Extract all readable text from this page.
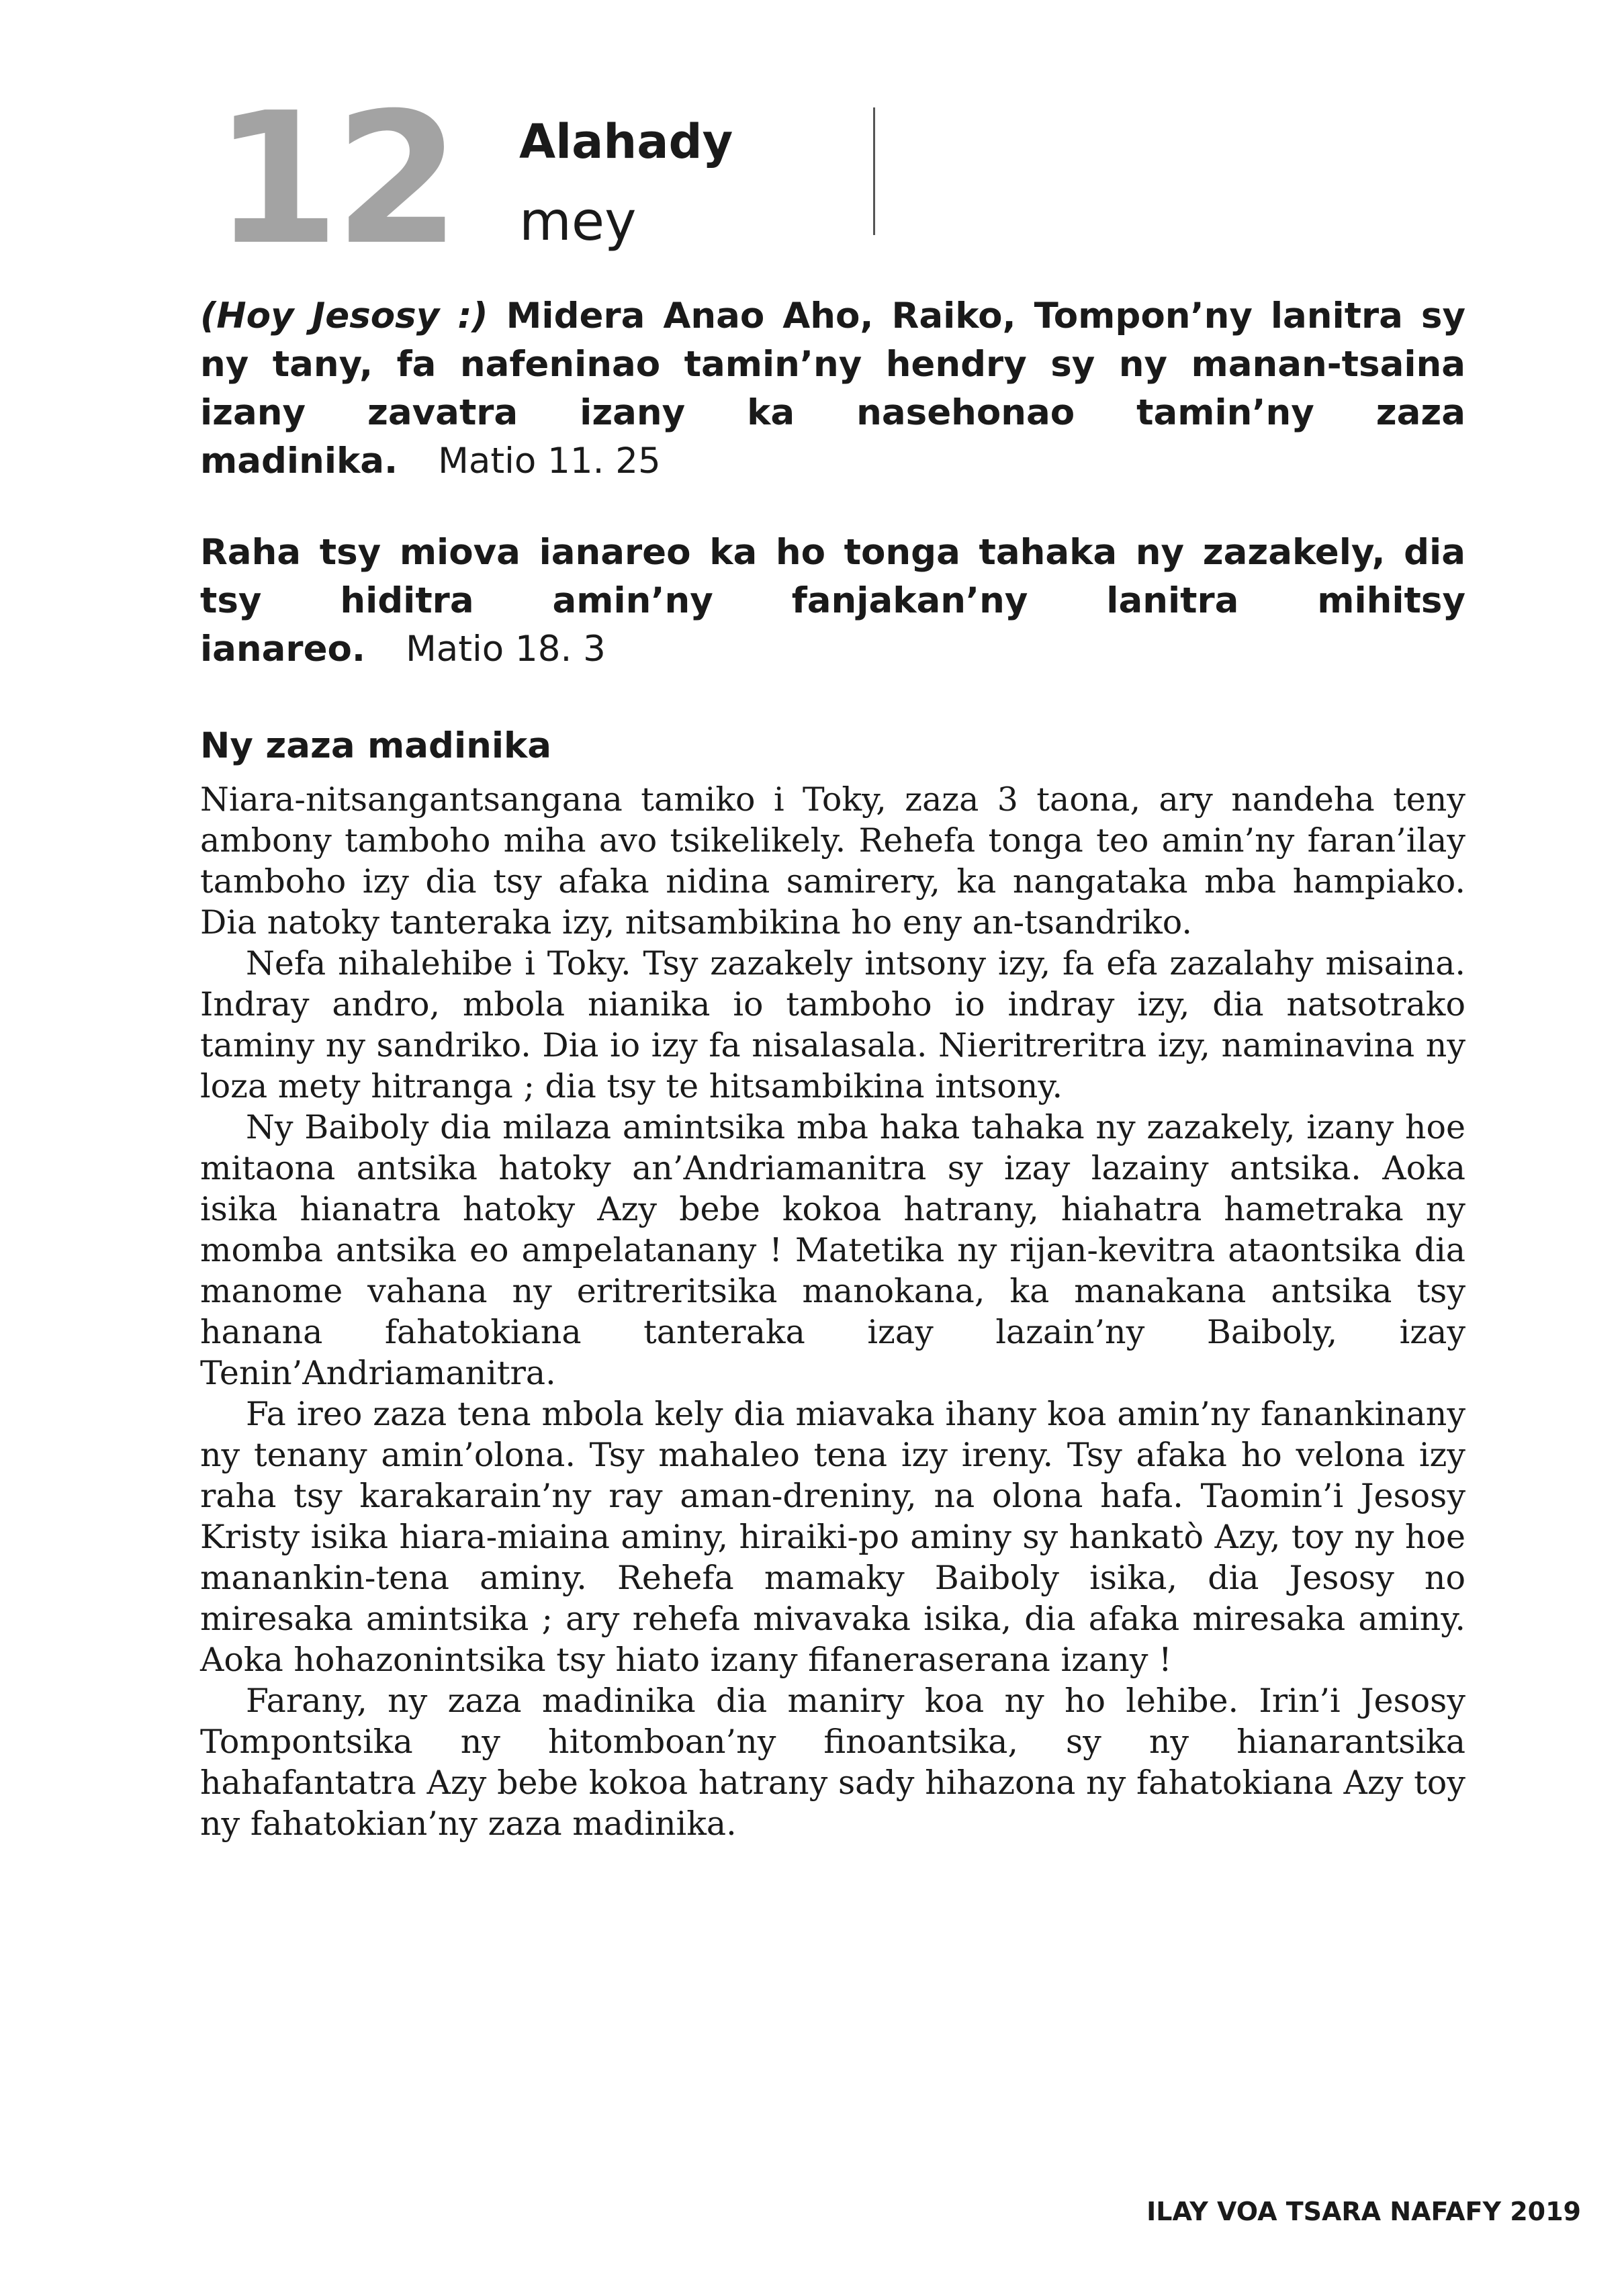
12 Alahady
mey
(Hoy Jesosy :) Midera Anao Aho, Raiko, Tompon’ny lanitra sy ny tany, fa nafeninao tamin’ny hendry sy ny manan-tsaina izany zavatra izany ka nasehonao tamin’ny zaza madinika. Matio 11. 25
Raha tsy miova ianareo ka ho tonga tahaka ny zazakely, dia tsy hiditra amin’ny fanjakan’ny lanitra mihitsy ianareo. Matio 18. 3
Ny zaza madinika

Niara-nitsangantsangana tamiko i Toky, zaza 3 taona, ary nandeha teny ambony tamboho miha avo tsikelikely. Rehefa tonga teo amin’ny faran’ilay tamboho izy dia tsy afaka nidina samirery, ka nangataka mba hampiako. Dia natoky tanteraka izy, nitsambikina ho eny an-tsandriko.

Nefa nihalehibe i Toky. Tsy zazakely intsony izy, fa efa zazalahy misaina. Indray andro, mbola nianika io tamboho io indray izy, dia natsotrako taminy ny sandriko. Dia io izy fa nisalasala. Nieritreritra izy, naminavina ny loza mety hitranga ; dia tsy te hitsambikina intsony.

Ny Baiboly dia milaza amintsika mba haka tahaka ny zazakely, izany hoe mitaona antsika hatoky an’Andriamanitra sy izay lazainy antsika. Aoka isika hianatra hatoky Azy bebe kokoa hatrany, hiahatra hametraka ny momba antsika eo ampelatanany ! Matetika ny rijan-kevitra ataontsika dia manome vahana ny eritreritsika manokana, ka manakana antsika tsy hanana fahatokiana tanteraka izay lazain’ny Baiboly, izay Tenin’Andriamanitra.

Fa ireo zaza tena mbola kely dia miavaka ihany koa amin’ny fanankinany ny tenany amin’olona. Tsy mahaleo tena izy ireny. Tsy afaka ho velona izy raha tsy karakarain’ny ray aman-dreniny, na olona hafa. Taomin’i Jesosy Kristy isika hiara-miaina aminy, hiraiki-po aminy sy hankatò Azy, toy ny hoe manankin-tena aminy. Rehefa mamaky Baiboly isika, dia Jesosy no miresaka amintsika ; ary rehefa mivavaka isika, dia afaka miresaka aminy. Aoka hohazonintsika tsy hiato izany fifaneraserana izany !

Farany, ny zaza madinika dia maniry koa ny ho lehibe. Irin’i Jesosy Tompontsika ny hitomboan’ny finoantsika, sy ny hianarantsika hahafantatra Azy bebe kokoa hatrany sady hihazona ny fahatokiana Azy toy ny fahatokian’ny zaza madinika.

ILAY VOA TSARA NAFAFY 2019
